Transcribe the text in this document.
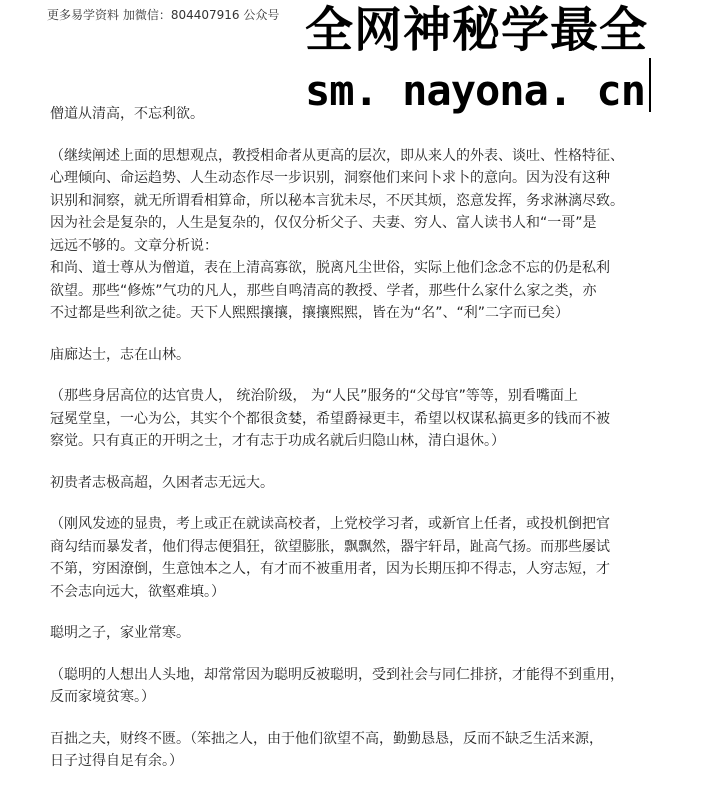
更多易学资料 加微信：804407916 公众号 全网神秘学最全
sm. nayona. cn

僧道从清高，不忘利欲。

（继续阐述上面的思想观点，教授相命者从更高的层次，即从来人的外表、谈吐、性格特征、
心理倾向、命运趋势、人生动态作尽一步识别，洞察他们来问卜求卜的意向。因为没有这种
识别和洞察，就无所谓看相算命，所以秘本言犹未尽，不厌其烦，恣意发挥，务求淋漓尽致。
因为社会是复杂的，人生是复杂的，仅仅分析父子、夫妻、穷人、富人读书人和“一哥”是
远远不够的。文章分析说：
和尚、道士尊从为僧道，表在上清高寡欲，脱离凡尘世俗，实际上他们念念不忘的仍是私利
欲望。那些“修炼”气功的凡人，那些自鸣清高的教授、学者，那些什么家什么家之类，亦
不过都是些利欲之徒。天下人熙熙攘攘，攘攘熙熙，皆在为“名”、“利”二字而已矣）

庙廊达士，志在山林。

（那些身居高位的达官贵人， 统治阶级， 为“人民”服务的“父母官”等等，别看嘴面上
冠冕堂皇，一心为公，其实个个都很贪婪，希望爵禄更丰，希望以权谋私搞更多的钱而不被
察觉。只有真正的开明之士，才有志于功成名就后归隐山林，清白退休。）

初贵者志极高超，久困者志无远大。

（刚风发迹的显贵，考上或正在就读高校者，上党校学习者，或新官上任者，或投机倒把官
商勾结而暴发者，他们得志便猖狂，欲望膨胀，飘飘然，器宇轩昂，趾高气扬。而那些屡试
不第，穷困潦倒，生意蚀本之人，有才而不被重用者，因为长期压抑不得志，人穷志短，才
不会志向远大，欲壑难填。）

聪明之子，家业常寒。

（聪明的人想出人头地，却常常因为聪明反被聪明，受到社会与同仁排挤，才能得不到重用，
反而家境贫寒。）

百拙之夫，财终不匮。（笨拙之人，由于他们欲望不高，勤勤恳恳，反而不缺乏生活来源，
日子过得自足有余。）
